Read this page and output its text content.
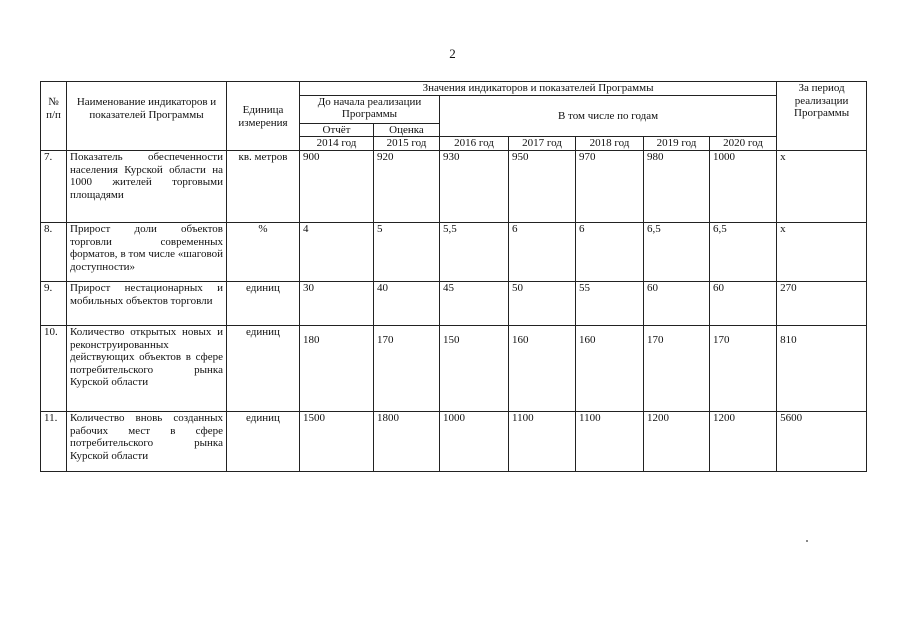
2
№ п/п	Наименование индикаторов и показателей Программы	Единица измерения	Значения индикаторов и показателей Программы							За период реализации Программы
			До начала реализации Программы		В том числе по годам					
			Отчёт	Оценка						
			2014 год	2015 год	2016 год	2017 год	2018 год	2019 год	2020 год	
7.	Показатель обеспеченности населения Курской области на 1000 жителей торговыми площадями	кв. метров	900	920	930	950	970	980	1000	х
8.	Прирост доли объектов торговли современных форматов, в том числе «шаговой доступности»	%	4	5	5,5	6	6	6,5	6,5	х
9.	Прирост нестационарных и мобильных объектов торговли	единиц	30	40	45	50	55	60	60	270
10.	Количество открытых новых и реконструированных действующих объектов в сфере потребительского рынка Курской области	единиц	180	170	150	160	160	170	170	810
11.	Количество вновь созданных рабочих мест в сфере потребительского рынка Курской области	единиц	1500	1800	1000	1100	1100	1200	1200	5600
